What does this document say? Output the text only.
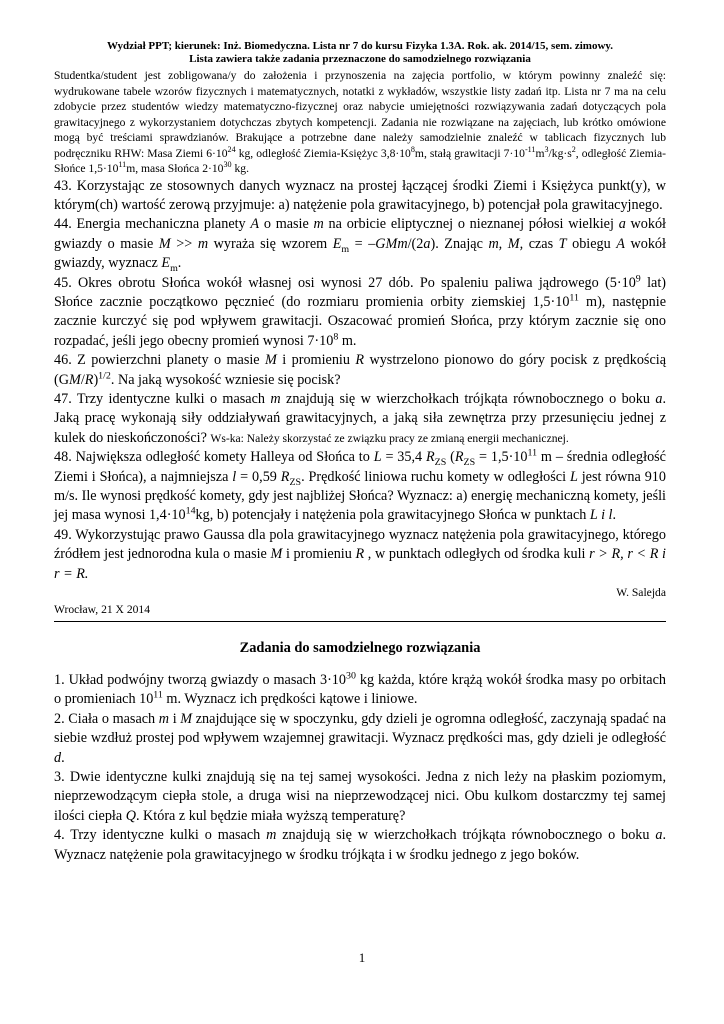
Wydział PPT; kierunek: Inż. Biomedyczna. Lista nr 7 do kursu Fizyka 1.3A. Rok. ak. 2014/15, sem. zimowy.
Lista zawiera także zadania przeznaczone do samodzielnego rozwiązania
Studentka/student jest zobligowana/y do założenia i przynoszenia na zajęcia portfolio, w którym powinny znaleźć się: wydrukowane tabele wzorów fizycznych i matematycznych, notatki z wykładów, wszystkie listy zadań itp. Lista nr 7 ma na celu zdobycie przez studentów wiedzy matematyczno-fizycznej oraz nabycie umiejętności rozwiązywania zadań dotyczących pola grawitacyjnego z wykorzystaniem dotychczas zbytych kompetencji. Zadania nie rozwiązane na zajęciach, lub krótko omówione mogą być treściami sprawdzianów. Brakujące a potrzebne dane należy samodzielnie znaleźć w tablicach fizycznych lub podręczniku RHW: Masa Ziemi $6\cdot 10^{24}$ kg, odległość Ziemia-Księżyc $3,8\cdot 10^8m$, stałą grawitacji $7\cdot 10^{-11}m^3/kg\cdot s^2$, odległość Ziemia-Słońce $1,5\cdot 10^{11}m$, masa Słońca $2\cdot 10^{30}$ kg.
43. Korzystając ze stosownych danych wyznacz na prostej łączącej środki Ziemi i Księżyca punkt(y), w którym(ch) wartość zerową przyjmuje: a) natężenie pola grawitacyjnego, b) potencjał pola grawitacyjnego.
44. Energia mechaniczna planety A o masie m na orbicie eliptycznej o nieznanej półosi wielkiej a wokół gwiazdy o masie M >> m wyraża się wzorem $E_m = -GMm/(2a)$. Znając m, M, czas T obiegu A wokół gwiazdy, wyznacz $E_m$.
45. Okres obrotu Słońca wokół własnej osi wynosi 27 dób. Po spaleniu paliwa jądrowego ($5\cdot 10^9$ lat) Słońce zacznie początkowo pęcznieć (do rozmiaru promienia orbity ziemskiej $1,5\cdot 10^{11}$ m), następnie zacznie kurczyć się pod wpływem grawitacji. Oszacować promień Słońca, przy którym zacznie się ono rozpadać, jeśli jego obecny promień wynosi $7\cdot 10^8$ m.
46. Z powierzchni planety o masie M i promieniu R wystrzelono pionowo do góry pocisk z prędkością $(GM/R)^{1/2}$. Na jaką wysokość wzniesie się pocisk?
47. Trzy identyczne kulki o masach m znajdują się w wierzchołkach trójkąta równobocznego o boku a. Jaką pracę wykonają siły oddziaływań grawitacyjnych, a jaką siła zewnętrza przy przesunięciu jednej z kulek do nieskończoności? Ws-ka: Należy skorzystać ze związku pracy ze zmianą energii mechanicznej.
48. Największa odległość komety Halleya od Słońca to L = 35,4 $R_{ZS}$ ($R_{ZS} = 1,5\cdot 10^{11}$ m – średnia odległość Ziemi i Słońca), a najmniejsza l = 0,59 $R_{ZS}$. Prędkość liniowa ruchu komety w odległości L jest równa 910 m/s. Ile wynosi prędkość komety, gdy jest najbliżej Słońca? Wyznacz: a) energię mechaniczną komety, jeśli jej masa wynosi $1,4\cdot 10^{14}kg$, b) potencjały i natężenia pola grawitacyjnego Słońca w punktach L i l.
49. Wykorzystując prawo Gaussa dla pola grawitacyjnego wyznacz natężenia pola grawitacyjnego, którego źródłem jest jednorodna kula o masie M i promieniu R , w punktach odległych od środka kuli r > R, r < R i r = R.
W. Salejda
Wrocław, 21 X 2014
Zadania do samodzielnego rozwiązania
1. Układ podwójny tworzą gwiazdy o masach $3\cdot 10^{30}$ kg każda, które krążą wokół środka masy po orbitach o promieniach $10^{11}$ m. Wyznacz ich prędkości kątowe i liniowe.
2. Ciała o masach m i M znajdujące się w spoczynku, gdy dzieli je ogromna odległość, zaczynają spadać na siebie wzdłuż prostej pod wpływem wzajemnej grawitacji. Wyznacz prędkości mas, gdy dzieli je odległość d.
3. Dwie identyczne kulki znajdują się na tej samej wysokości. Jedna z nich leży na płaskim poziomym, nieprzewodzącym ciepła stole, a druga wisi na nieprzewodzącej nici. Obu kulkom dostarczmy tej samej ilości ciepła Q. Która z kul będzie miała wyższą temperaturę?
4. Trzy identyczne kulki o masach m znajdują się w wierzchołkach trójkąta równobocznego o boku a. Wyznacz natężenie pola grawitacyjnego w środku trójkąta i w środku jednego z jego boków.
1
